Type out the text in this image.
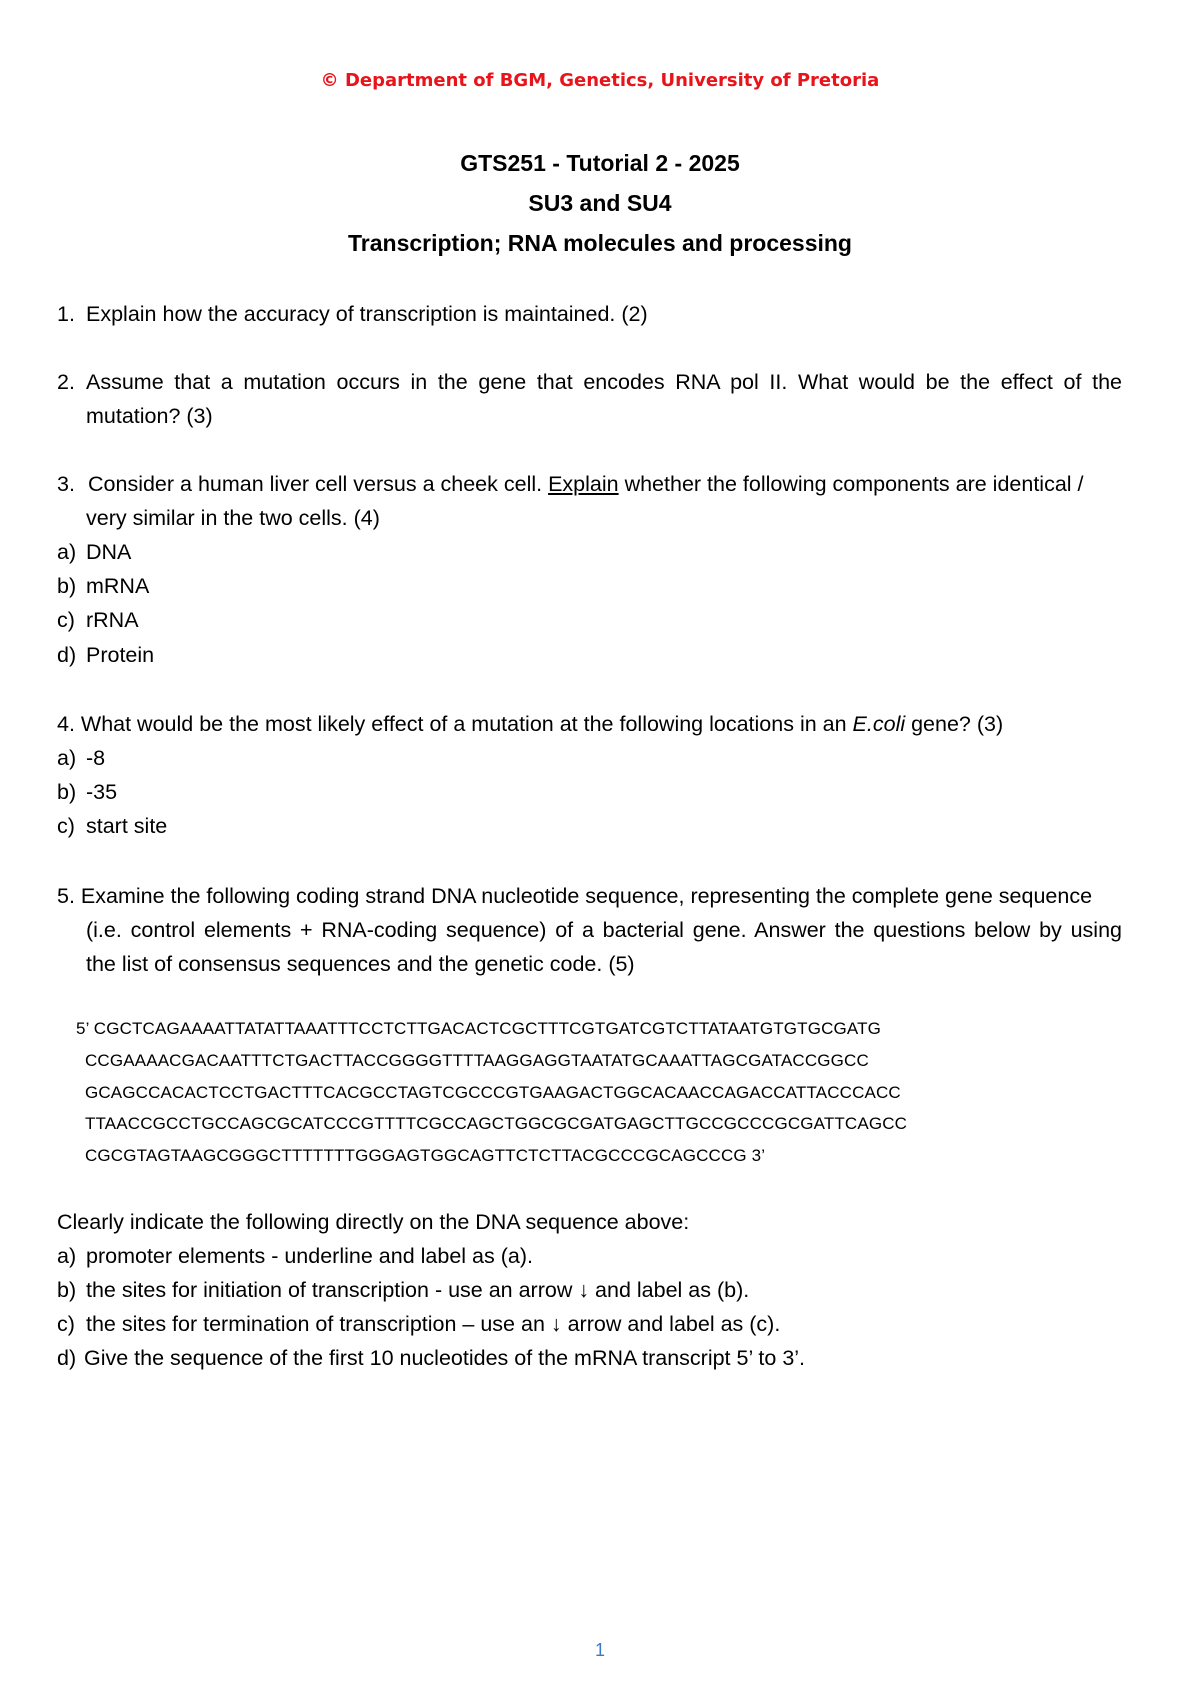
© Department of BGM, Genetics, University of Pretoria
GTS251 - Tutorial 2 - 2025
SU3 and SU4
Transcription; RNA molecules and processing
1. Explain how the accuracy of transcription is maintained. (2)
2. Assume that a mutation occurs in the gene that encodes RNA pol II. What would be the effect of the
mutation? (3)
3. Consider a human liver cell versus a cheek cell. Explain whether the following components are identical /
very similar in the two cells. (4)
a) DNA
b) mRNA
c) rRNA
d) Protein
4. What would be the most likely effect of a mutation at the following locations in an E.coli gene? (3)
a) -8
b) -35
c) start site
5. Examine the following coding strand DNA nucleotide sequence, representing the complete gene sequence
(i.e. control elements + RNA-coding sequence) of a bacterial gene. Answer the questions below by using
the list of consensus sequences and the genetic code. (5)
5’ CGCTCAGAAAATTATATTAAATTTCCTCTTGACACTCGCTTTCGTGATCGTCTTATAATGTGTGCGATG
CCGAAAACGACAATTTCTGACTTACCGGGGTTTTAAGGAGGTAATATGCAAATTAGCGATACCGGCC
GCAGCCACACTCCTGACTTTCACGCCTAGTCGCCCGTGAAGACTGGCACAACCAGACCATTACCCACC
TTAACCGCCTGCCAGCGCATCCCGTTTTCGCCAGCTGGCGCGATGAGCTTGCCGCCCGCGATTCAGCC
CGCGTAGTAAGCGGGCTTTTTTTGGGAGTGGCAGTTCTCTTACGCCCGCAGCCCG 3’
Clearly indicate the following directly on the DNA sequence above:
a) promoter elements - underline and label as (a).
b) the sites for initiation of transcription - use an arrow ↓ and label as (b).
c) the sites for termination of transcription – use an ↓ arrow and label as (c).
d) Give the sequence of the first 10 nucleotides of the mRNA transcript 5’ to 3’.
1
